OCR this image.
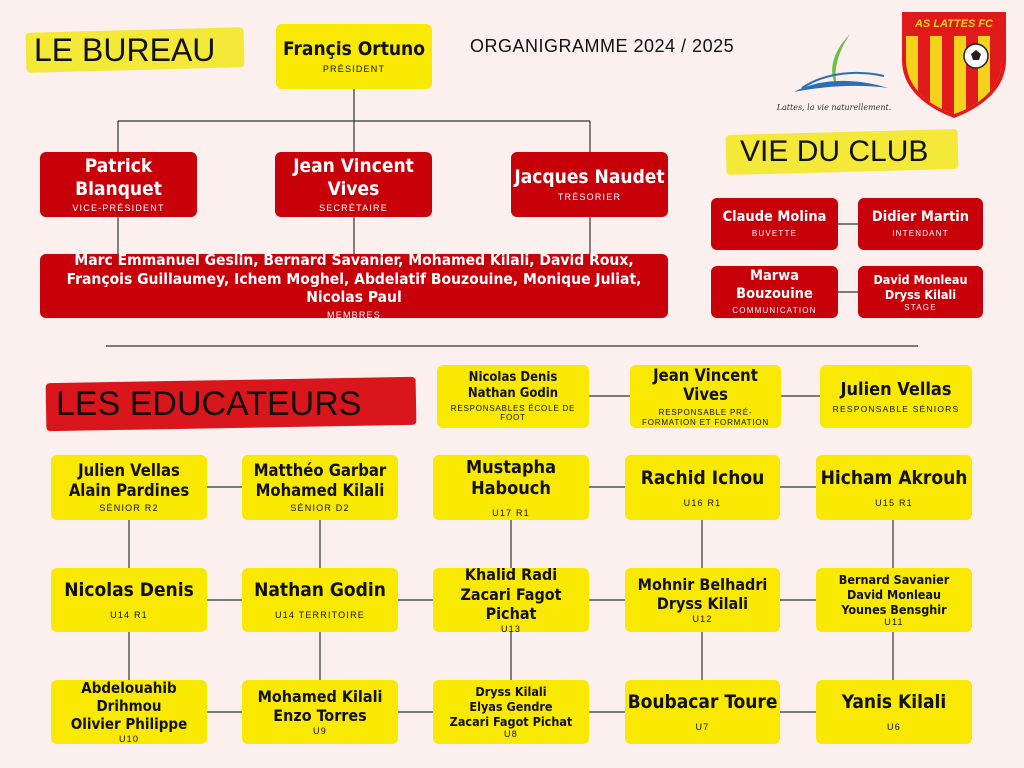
LE BUREAU	ORGANIGRAMME 2024 / 2025
VIE DU CLUB
LES EDUCATEURS
Lattes, la vie naturellement.
AS LATTES FC
Françis Ortuno
PRÉSIDENT
Patrick Blanquet
VICE-PRÉSIDENT
Jean Vincent Vives
SECRÉTAIRE
Jacques Naudet
TRÉSORIER
Marc Emmanuel Geslin, Bernard Savanier, Mohamed Kilali, David Roux, François Guillaumey, Ichem Moghel, Abdelatif Bouzouine, Monique Juliat, Nicolas Paul
MEMBRES
Claude Molina
BUVETTE
Didier Martin
INTENDANT
Marwa Bouzouine
COMMUNICATION
David Monleau
Dryss Kilali
STAGE
Nicolas Denis
Nathan Godin
RESPONSABLES ÉCOLE DE FOOT
Jean Vincent Vives
RESPONSABLE PRÉ-FORMATION ET FORMATION
Julien Vellas
RESPONSABLE SÉNIORS
Julien Vellas
Alain Pardines
SÉNIOR R2
Matthéo Garbar
Mohamed Kilali
SÉNIOR D2
Mustapha Habouch
U17 R1
Rachid Ichou
U16 R1
Hicham Akrouh
U15 R1
Nicolas Denis
U14 R1
Nathan Godin
U14 TERRITOIRE
Khalid Radi
Zacari Fagot Pichat
U13
Mohnir Belhadri
Dryss Kilali
U12
Bernard Savanier
David Monleau
Younes Bensghir
U11
Abdelouahib Drihmou
Olivier Philippe
U10
Mohamed Kilali
Enzo Torres
U9
Dryss Kilali
Elyas Gendre
Zacari Fagot Pichat
U8
Boubacar Toure
U7
Yanis Kilali
U6
